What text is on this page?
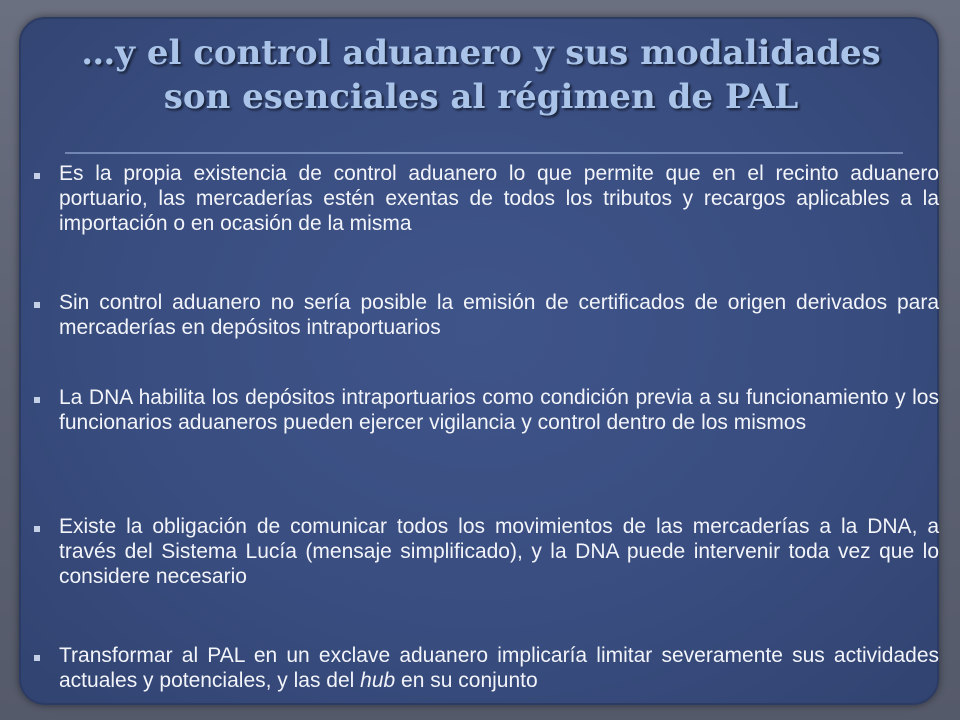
…y el control aduanero y sus modalidades
son esenciales al régimen de PAL

Es la propia existencia de control aduanero lo que permite que en el recinto aduanero portuario, las mercaderías estén exentas de todos los tributos y recargos aplicables a la importación o en ocasión de la misma

Sin control aduanero no sería posible la emisión de certificados de origen derivados para mercaderías en depósitos intraportuarios

La DNA habilita los depósitos intraportuarios como condición previa a su funcionamiento y los funcionarios aduaneros pueden ejercer vigilancia y control dentro de los mismos

Existe la obligación de comunicar todos los movimientos de las mercaderías a la DNA, a través del Sistema Lucía (mensaje simplificado), y la DNA puede intervenir toda vez que lo considere necesario

Transformar al PAL en un exclave aduanero implicaría limitar severamente sus actividades actuales y potenciales, y las del hub en su conjunto
